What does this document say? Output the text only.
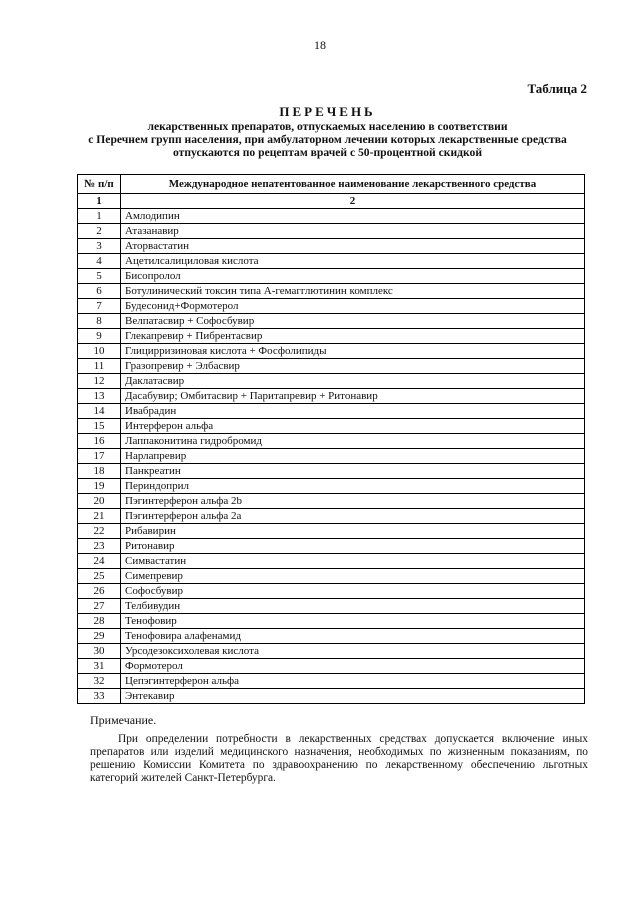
18
Таблица 2
ПЕРЕЧЕНЬ
лекарственных препаратов, отпускаемых населению в соответствии
с Перечнем групп населения, при амбулаторном лечении которых лекарственные средства
отпускаются по рецептам врачей с 50-процентной скидкой
№ п/п	Международное непатентованное наименование лекарственного средства
1	2
1	Амлодипин
2	Атазанавир
3	Аторвастатин
4	Ацетилсалициловая кислота
5	Бисопролол
6	Ботулинический токсин типа А-гемагглютинин комплекс
7	Будесонид+Формотерол
8	Велпатасвир + Софосбувир
9	Глекапревир + Пибрентасвир
10	Глицирризиновая кислота + Фосфолипиды
11	Гразопревир + Элбасвир
12	Даклатасвир
13	Дасабувир; Омбитасвир + Паритапревир + Ритонавир
14	Ивабрадин
15	Интерферон альфа
16	Лаппаконитина гидробромид
17	Нарлапревир
18	Панкреатин
19	Периндоприл
20	Пэгинтерферон альфа 2b
21	Пэгинтерферон альфа 2а
22	Рибавирин
23	Ритонавир
24	Симвастатин
25	Симепревир
26	Софосбувир
27	Телбивудин
28	Тенофовир
29	Тенофовира алафенамид
30	Урсодезоксихолевая кислота
31	Формотерол
32	Цепэгинтерферон альфа
33	Энтекавир
Примечание.
При определении потребности в лекарственных средствах допускается включение иных препаратов или изделий медицинского назначения, необходимых по жизненным показаниям, по решению Комиссии Комитета по здравоохранению по лекарственному обеспечению льготных категорий жителей Санкт-Петербурга.
